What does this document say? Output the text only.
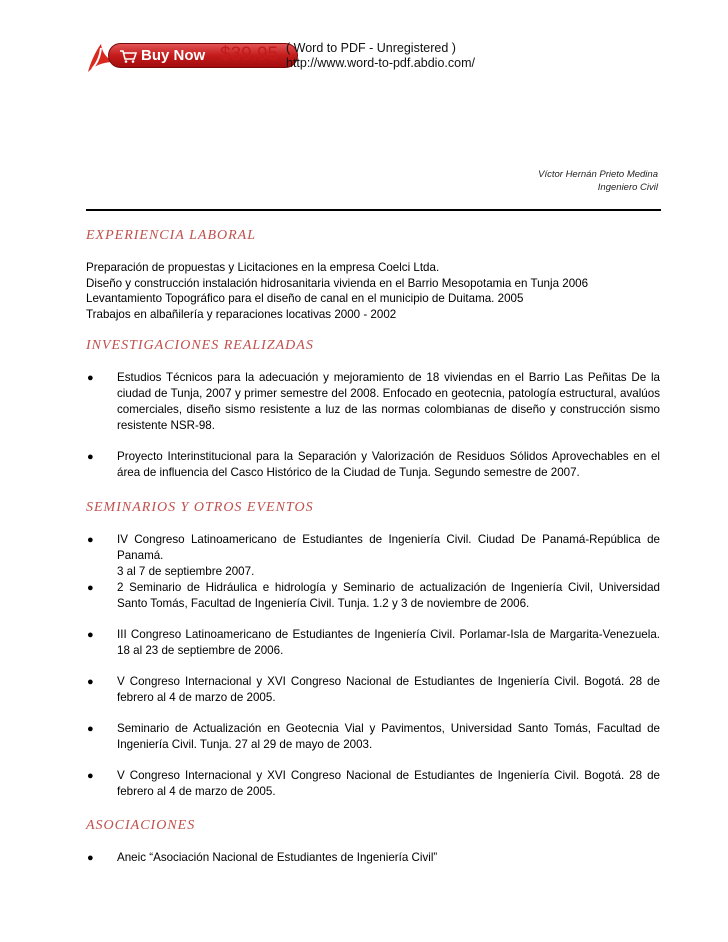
Buy Now $39.95 ( Word to PDF - Unregistered )
http://www.word-to-pdf.abdio.com/
Víctor Hernán Prieto Medina
Ingeniero Civil
EXPERIENCIA LABORAL
Preparación de propuestas y Licitaciones en la empresa Coelci Ltda.
Diseño y construcción instalación hidrosanitaria vivienda en el Barrio Mesopotamia en Tunja 2006
Levantamiento Topográfico para el diseño de canal en el municipio de Duitama. 2005
Trabajos en albañilería y reparaciones locativas 2000 - 2002
INVESTIGACIONES REALIZADAS
● Estudios Técnicos para la adecuación y mejoramiento de 18 viviendas en el Barrio Las Peñitas De la ciudad de Tunja, 2007 y primer semestre del 2008. Enfocado en geotecnia, patología estructural, avalúos comerciales, diseño sismo resistente a luz de las normas colombianas de diseño y construcción sismo resistente NSR-98.
● Proyecto Interinstitucional para la Separación y Valorización de Residuos Sólidos Aprovechables en el área de influencia del Casco Histórico de la Ciudad de Tunja. Segundo semestre de 2007.
SEMINARIOS Y OTROS EVENTOS
● IV Congreso Latinoamericano de Estudiantes de Ingeniería Civil. Ciudad De Panamá-República de Panamá.
3 al 7 de septiembre 2007.
● 2 Seminario de Hidráulica e hidrología y Seminario de actualización de Ingeniería Civil, Universidad Santo Tomás, Facultad de Ingeniería Civil. Tunja. 1.2 y 3 de noviembre de 2006.
● III Congreso Latinoamericano de Estudiantes de Ingeniería Civil. Porlamar-Isla de Margarita-Venezuela. 18 al 23 de septiembre de 2006.
● V Congreso Internacional y XVI Congreso Nacional de Estudiantes de Ingeniería Civil. Bogotá. 28 de febrero al 4 de marzo de 2005.
● Seminario de Actualización en Geotecnia Vial y Pavimentos, Universidad Santo Tomás, Facultad de Ingeniería Civil. Tunja. 27 al 29 de mayo de 2003.
● V Congreso Internacional y XVI Congreso Nacional de Estudiantes de Ingeniería Civil. Bogotá. 28 de febrero al 4 de marzo de 2005.
ASOCIACIONES
● Aneic “Asociación Nacional de Estudiantes de Ingeniería Civil”
